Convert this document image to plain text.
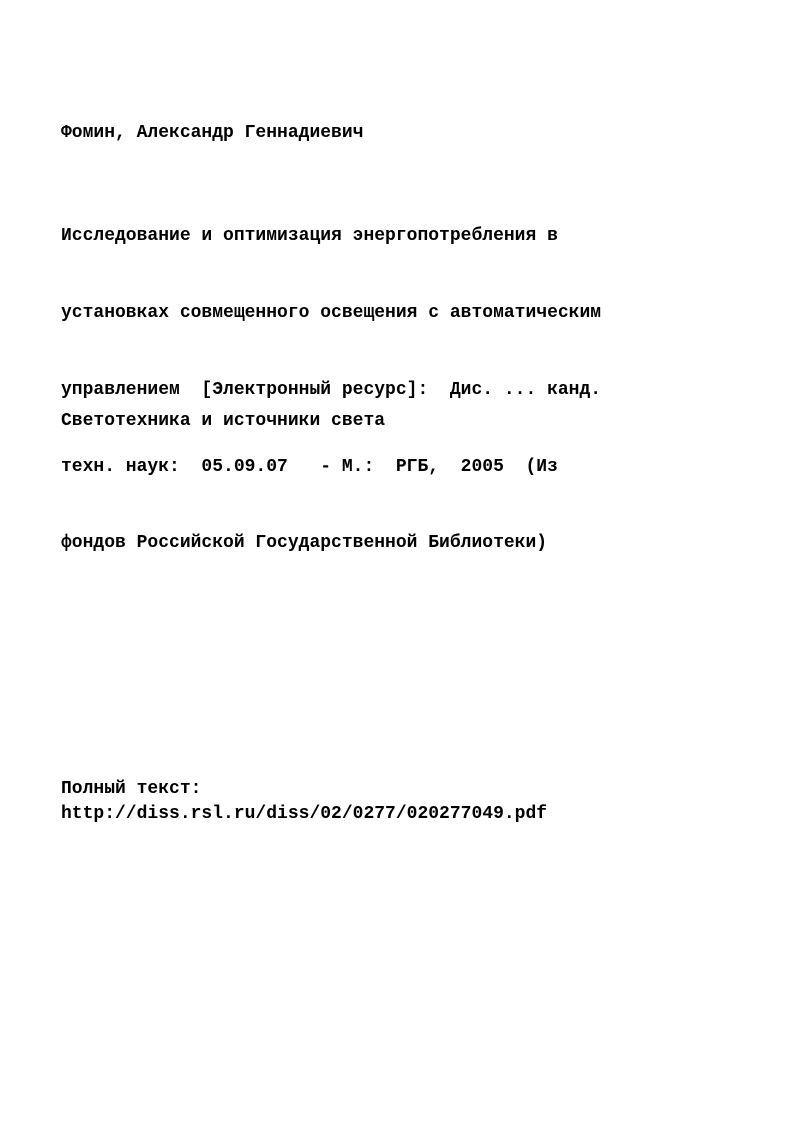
Фомин, Александр Геннадиевич

Исследование и оптимизация энергопотребления в

установках совмещенного освещения с автоматическим

управлением  [Электронный ресурс]:  Дис. ... канд.

техн. наук:  05.09.07   - М.:  РГБ,  2005  (Из

фондов Российской Государственной Библиотеки)

Светотехника и источники света
Полный текст:
http://diss.rsl.ru/diss/02/0277/020277049.pdf
